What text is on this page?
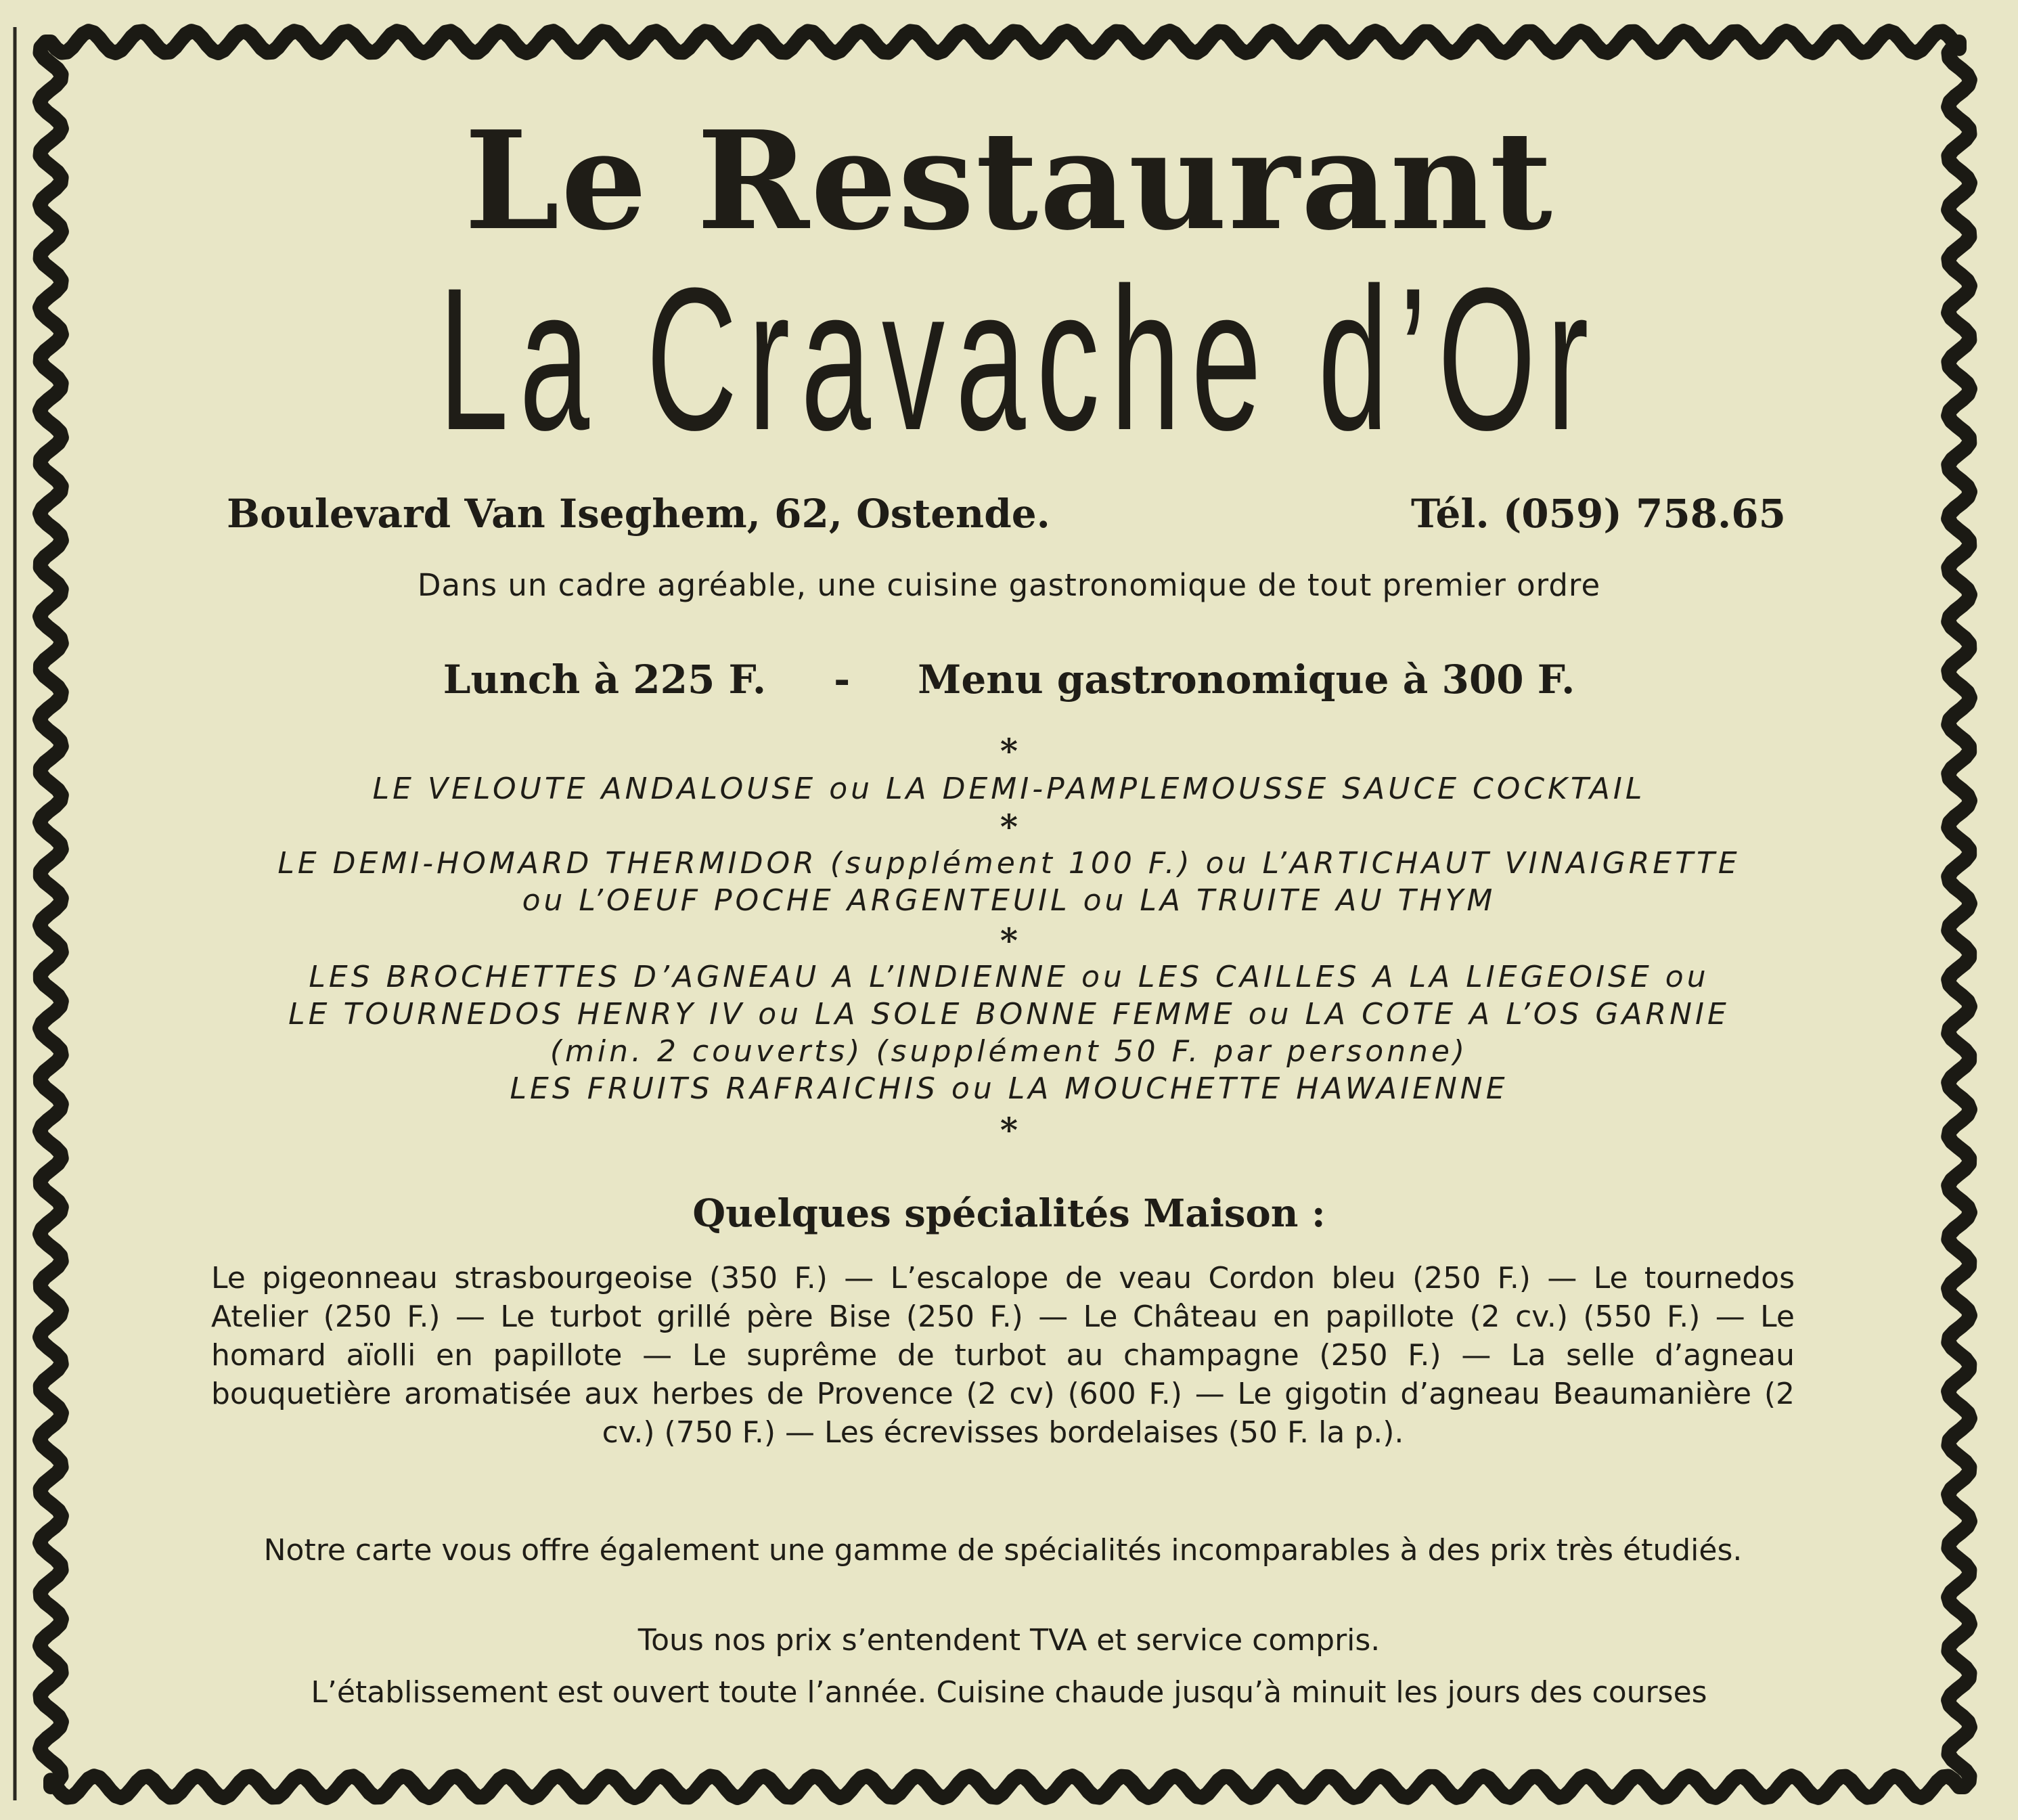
Le Restaurant
La Cravache d’Or
Boulevard Van Iseghem, 62, Ostende.	Tél. (059) 758.65
Dans un cadre agréable, une cuisine gastronomique de tout premier ordre
Lunch à 225 F. - Menu gastronomique à 300 F.
*
LE VELOUTE ANDALOUSE ou LA DEMI-PAMPLEMOUSSE SAUCE COCKTAIL
*
LE DEMI-HOMARD THERMIDOR (supplément 100 F.) ou L’ARTICHAUT VINAIGRETTE
ou L’OEUF POCHE ARGENTEUIL ou LA TRUITE AU THYM
*
LES BROCHETTES D’AGNEAU A L’INDIENNE ou LES CAILLES A LA LIEGEOISE ou
LE TOURNEDOS HENRY IV ou LA SOLE BONNE FEMME ou LA COTE A L’OS GARNIE
(min. 2 couverts) (supplément 50 F. par personne)
LES FRUITS RAFRAICHIS ou LA MOUCHETTE HAWAIENNE
*
Quelques spécialités Maison :
Le pigeonneau strasbourgeoise (350 F.) — L’escalope de veau Cordon bleu (250 F.) — Le tournedos Atelier (250 F.) — Le turbot grillé père Bise (250 F.) — Le Château en papillote (2 cv.) (550 F.) — Le homard aïolli en papillote — Le suprême de turbot au champagne (250 F.) — La selle d’agneau bouquetière aromatisée aux herbes de Provence (2 cv) (600 F.) — Le gigotin d’agneau Beaumanière (2 cv.) (750 F.) — Les écrevisses bordelaises (50 F. la p.).
Notre carte vous offre également une gamme de spécialités incomparables à des prix très étudiés.
Tous nos prix s’entendent TVA et service compris.
L’établissement est ouvert toute l’année. Cuisine chaude jusqu’à minuit les jours des courses
